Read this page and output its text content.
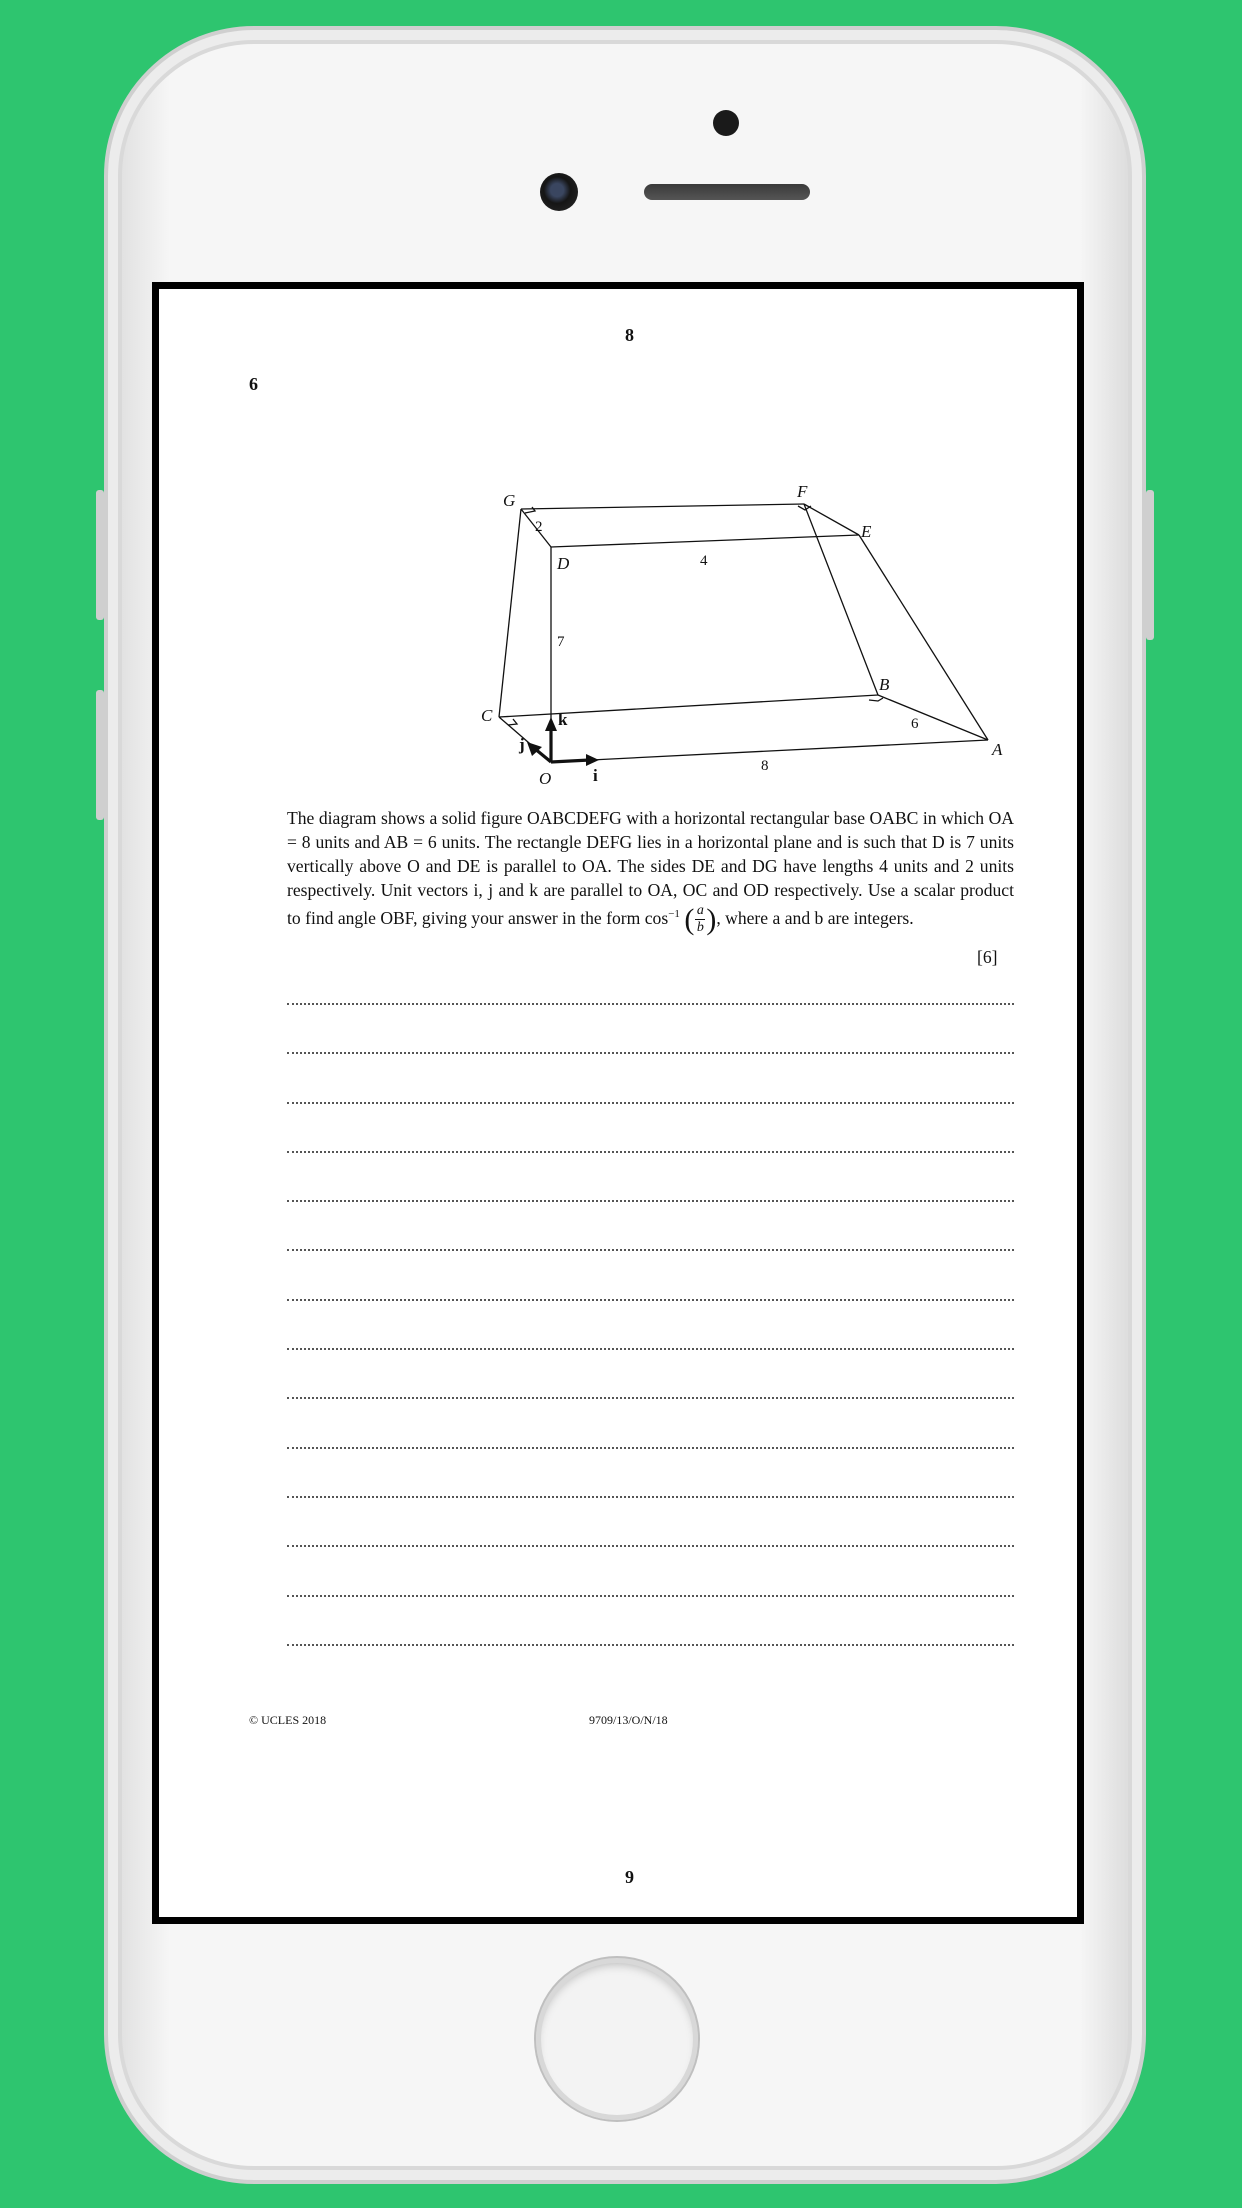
8
6
G	F
E
D
C
B
A
O
2
4
7
6
8
i
j
k

The diagram shows a solid figure OABCDEFG with a horizontal rectangular base OABC in which OA = 8 units and AB = 6 units. The rectangle DEFG lies in a horizontal plane and is such that D is 7 units vertically above O and DE is parallel to OA. The sides DE and DG have lengths 4 units and 2 units respectively. Unit vectors i, j and k are parallel to OA, OC and OD respectively. Use a scalar product to find angle OBF, giving your answer in the form $\cos^{-1}$ ( $\frac{a}{b}$ ), where a and b are integers.

[6]
© UCLES 2018	9709/13/O/N/18
9
